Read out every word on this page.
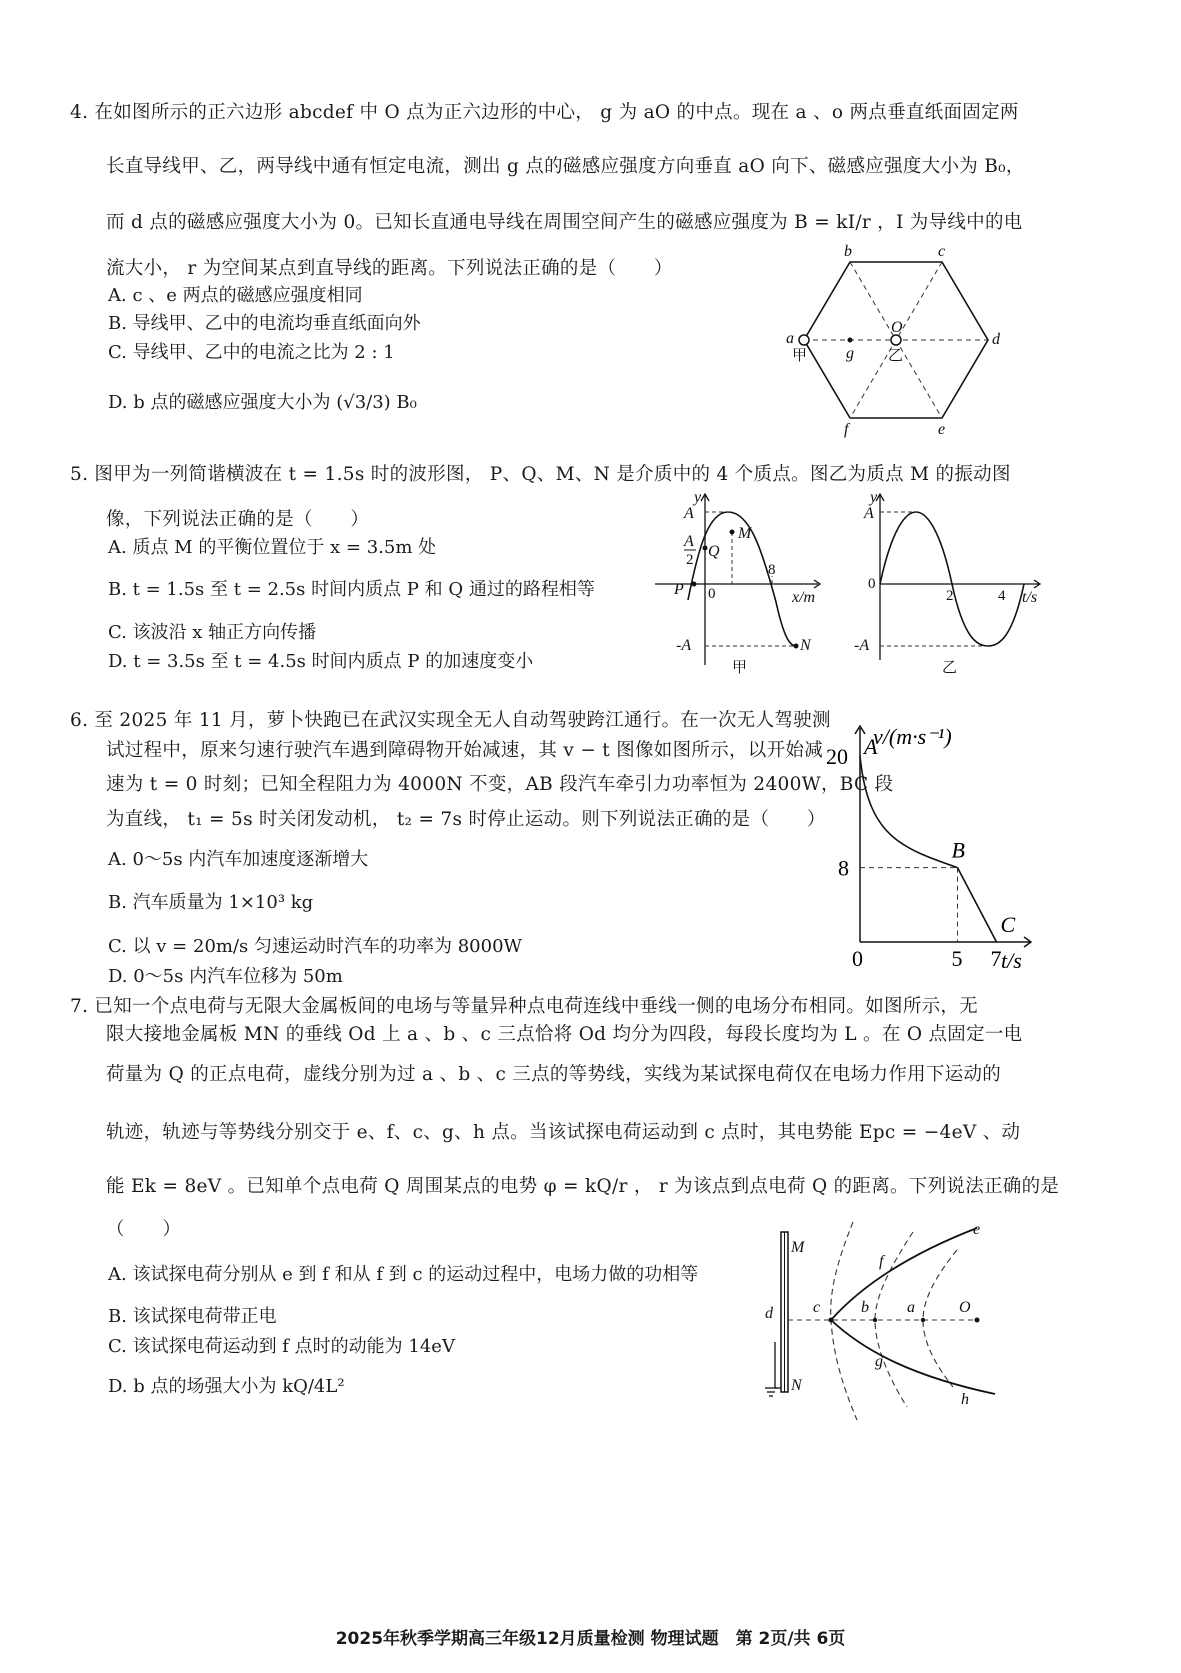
4. 在如图所示的正六边形 abcdef 中 O 点为正六边形的中心， g 为 aO 的中点。现在 a 、o 两点垂直纸面固定两
长直导线甲、乙，两导线中通有恒定电流，测出 g 点的磁感应强度方向垂直 aO 向下、磁感应强度大小为 B₀，
而 d 点的磁感应强度大小为 0。已知长直通电导线在周围空间产生的磁感应强度为 B = kI/r ，I 为导线中的电
流大小， r 为空间某点到直导线的距离。下列说法正确的是（　　）
A. c 、e 两点的磁感应强度相同
B. 导线甲、乙中的电流均垂直纸面向外
C. 导线甲、乙中的电流之比为 2 : 1
D. b 点的磁感应强度大小为 (√3/3) B₀
a
b	c
d
e
f
g
O
甲	乙
5. 图甲为一列简谐横波在 t = 1.5s 时的波形图， P、Q、M、N 是介质中的 4 个质点。图乙为质点 M 的振动图
像，下列说法正确的是（　　）
A. 质点 M 的平衡位置位于 x = 3.5m 处
B. t = 1.5s 至 t = 2.5s 时间内质点 P 和 Q 通过的路程相等
C. 该波沿 x 轴正方向传播
D. t = 3.5s 至 t = 4.5s 时间内质点 P 的加速度变小
y
x/m
A
A
2
-A
P 0
Q
M
N
8
甲
y
t/s
A
-A
0
2	4
乙
6. 至 2025 年 11 月，萝卜快跑已在武汉实现全无人自动驾驶跨江通行。在一次无人驾驶测
试过程中，原来匀速行驶汽车遇到障碍物开始减速，其 v − t 图像如图所示，以开始减
速为 t = 0 时刻；已知全程阻力为 4000N 不变，AB 段汽车牵引力功率恒为 2400W，BC 段
为直线， t₁ = 5s 时关闭发动机， t₂ = 7s 时停止运动。则下列说法正确的是（　　）
A. 0～5s 内汽车加速度逐渐增大
B. 汽车质量为 1×10³ kg
C. 以 v = 20m/s 匀速运动时汽车的功率为 8000W
D. 0～5s 内汽车位移为 50m
v/(m·s⁻¹)
t/s
20 A
8
B
C
0	5 7
7. 已知一个点电荷与无限大金属板间的电场与等量异种点电荷连线中垂线一侧的电场分布相同。如图所示，无
限大接地金属板 MN 的垂线 Od 上 a 、b 、c 三点恰将 Od 均分为四段，每段长度均为 L 。在 O 点固定一电
荷量为 Q 的正点电荷，虚线分别为过 a 、b 、c 三点的等势线，实线为某试探电荷仅在电场力作用下运动的
轨迹，轨迹与等势线分别交于 e、f、c、g、h 点。当该试探电荷运动到 c 点时，其电势能 Epc = −4eV 、动
能 Ek = 8eV 。已知单个点电荷 Q 周围某点的电势 φ = kQ/r ， r 为该点到点电荷 Q 的距离。下列说法正确的是
（　　）
A. 该试探电荷分别从 e 到 f 和从 f 到 c 的运动过程中，电场力做的功相等
B. 该试探电荷带正电
C. 该试探电荷运动到 f 点时的动能为 14eV
D. b 点的场强大小为 kQ/4L²
M
N
d	c	b a	O
e
f
g
h
2025年秋季学期高三年级12月质量检测 物理试题　第 2页/共 6页
